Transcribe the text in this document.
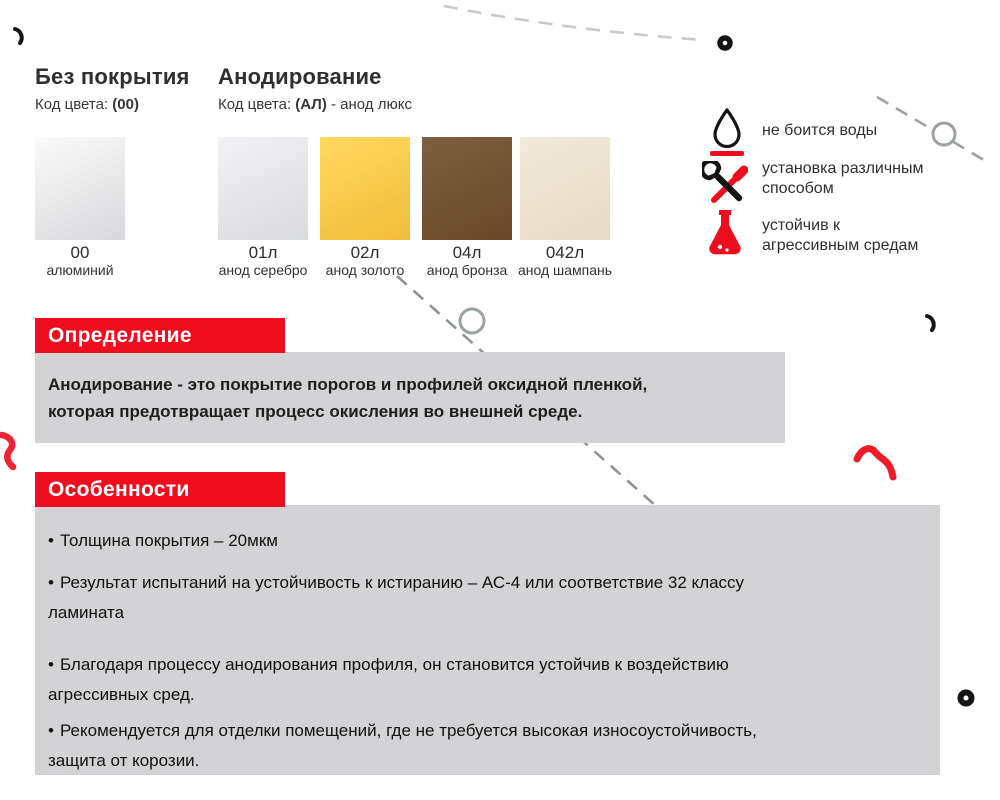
Без покрытия
Код цвета: (00)
Анодирование
Код цвета: (АЛ) - анод люкс
00
алюминий
01л
анод серебро
02л
анод золото
04л
анод бронза
042л
анод шампань
не боится воды
установка различным
способом
устойчив к
агрессивным средам
Определение
Анодирование - это покрытие порогов и профилей оксидной пленкой,
которая предотвращает процесс окисления во внешней среде.
Особенности

• Толщина покрытия – 20мкм

• Результат испытаний на устойчивость к истиранию – АС-4 или соответствие 32 классу
ламината

• Благодаря процессу анодирования профиля, он становится устойчив к воздействию
агрессивных сред.

• Рекомендуется для отделки помещений, где не требуется высокая износоустойчивость,
защита от корозии.
